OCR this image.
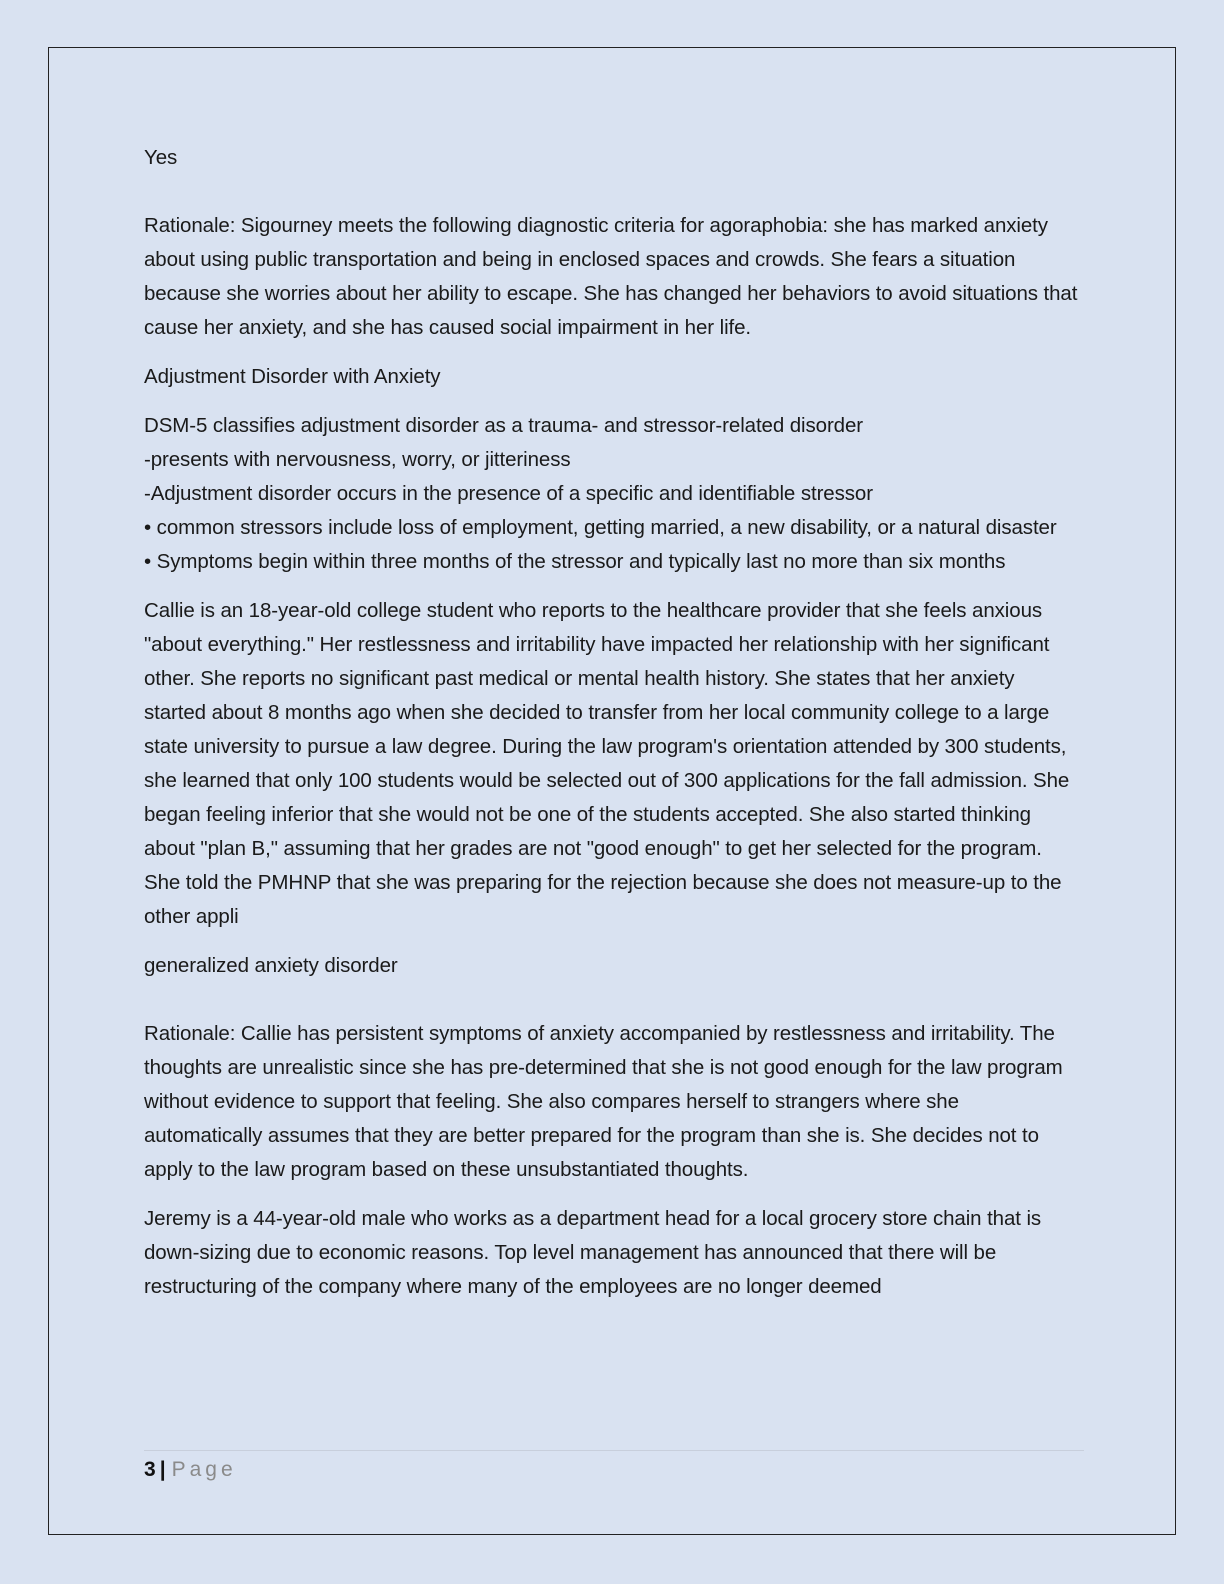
Yes

Rationale: Sigourney meets the following diagnostic criteria for agoraphobia: she has marked anxiety about using public transportation and being in enclosed spaces and crowds. She fears a situation because she worries about her ability to escape. She has changed her behaviors to avoid situations that cause her anxiety, and she has caused social impairment in her life.

Adjustment Disorder with Anxiety

DSM-5 classifies adjustment disorder as a trauma- and stressor-related disorder

-presents with nervousness, worry, or jitteriness

-Adjustment disorder occurs in the presence of a specific and identifiable stressor

• common stressors include loss of employment, getting married, a new disability, or a natural disaster

• Symptoms begin within three months of the stressor and typically last no more than six months

Callie is an 18-year-old college student who reports to the healthcare provider that she feels anxious "about everything." Her restlessness and irritability have impacted her relationship with her significant other. She reports no significant past medical or mental health history. She states that her anxiety started about 8 months ago when she decided to transfer from her local community college to a large state university to pursue a law degree. During the law program's orientation attended by 300 students, she learned that only 100 students would be selected out of 300 applications for the fall admission. She began feeling inferior that she would not be one of the students accepted. She also started thinking about "plan B," assuming that her grades are not "good enough" to get her selected for the program. She told the PMHNP that she was preparing for the rejection because she does not measure-up to the other appli

generalized anxiety disorder

Rationale: Callie has persistent symptoms of anxiety accompanied by restlessness and irritability. The thoughts are unrealistic since she has pre-determined that she is not good enough for the law program without evidence to support that feeling. She also compares herself to strangers where she automatically assumes that they are better prepared for the program than she is. She decides not to apply to the law program based on these unsubstantiated thoughts.

Jeremy is a 44-year-old male who works as a department head for a local grocery store chain that is down-sizing due to economic reasons. Top level management has announced that there will be restructuring of the company where many of the employees are no longer deemed

3 | Page
